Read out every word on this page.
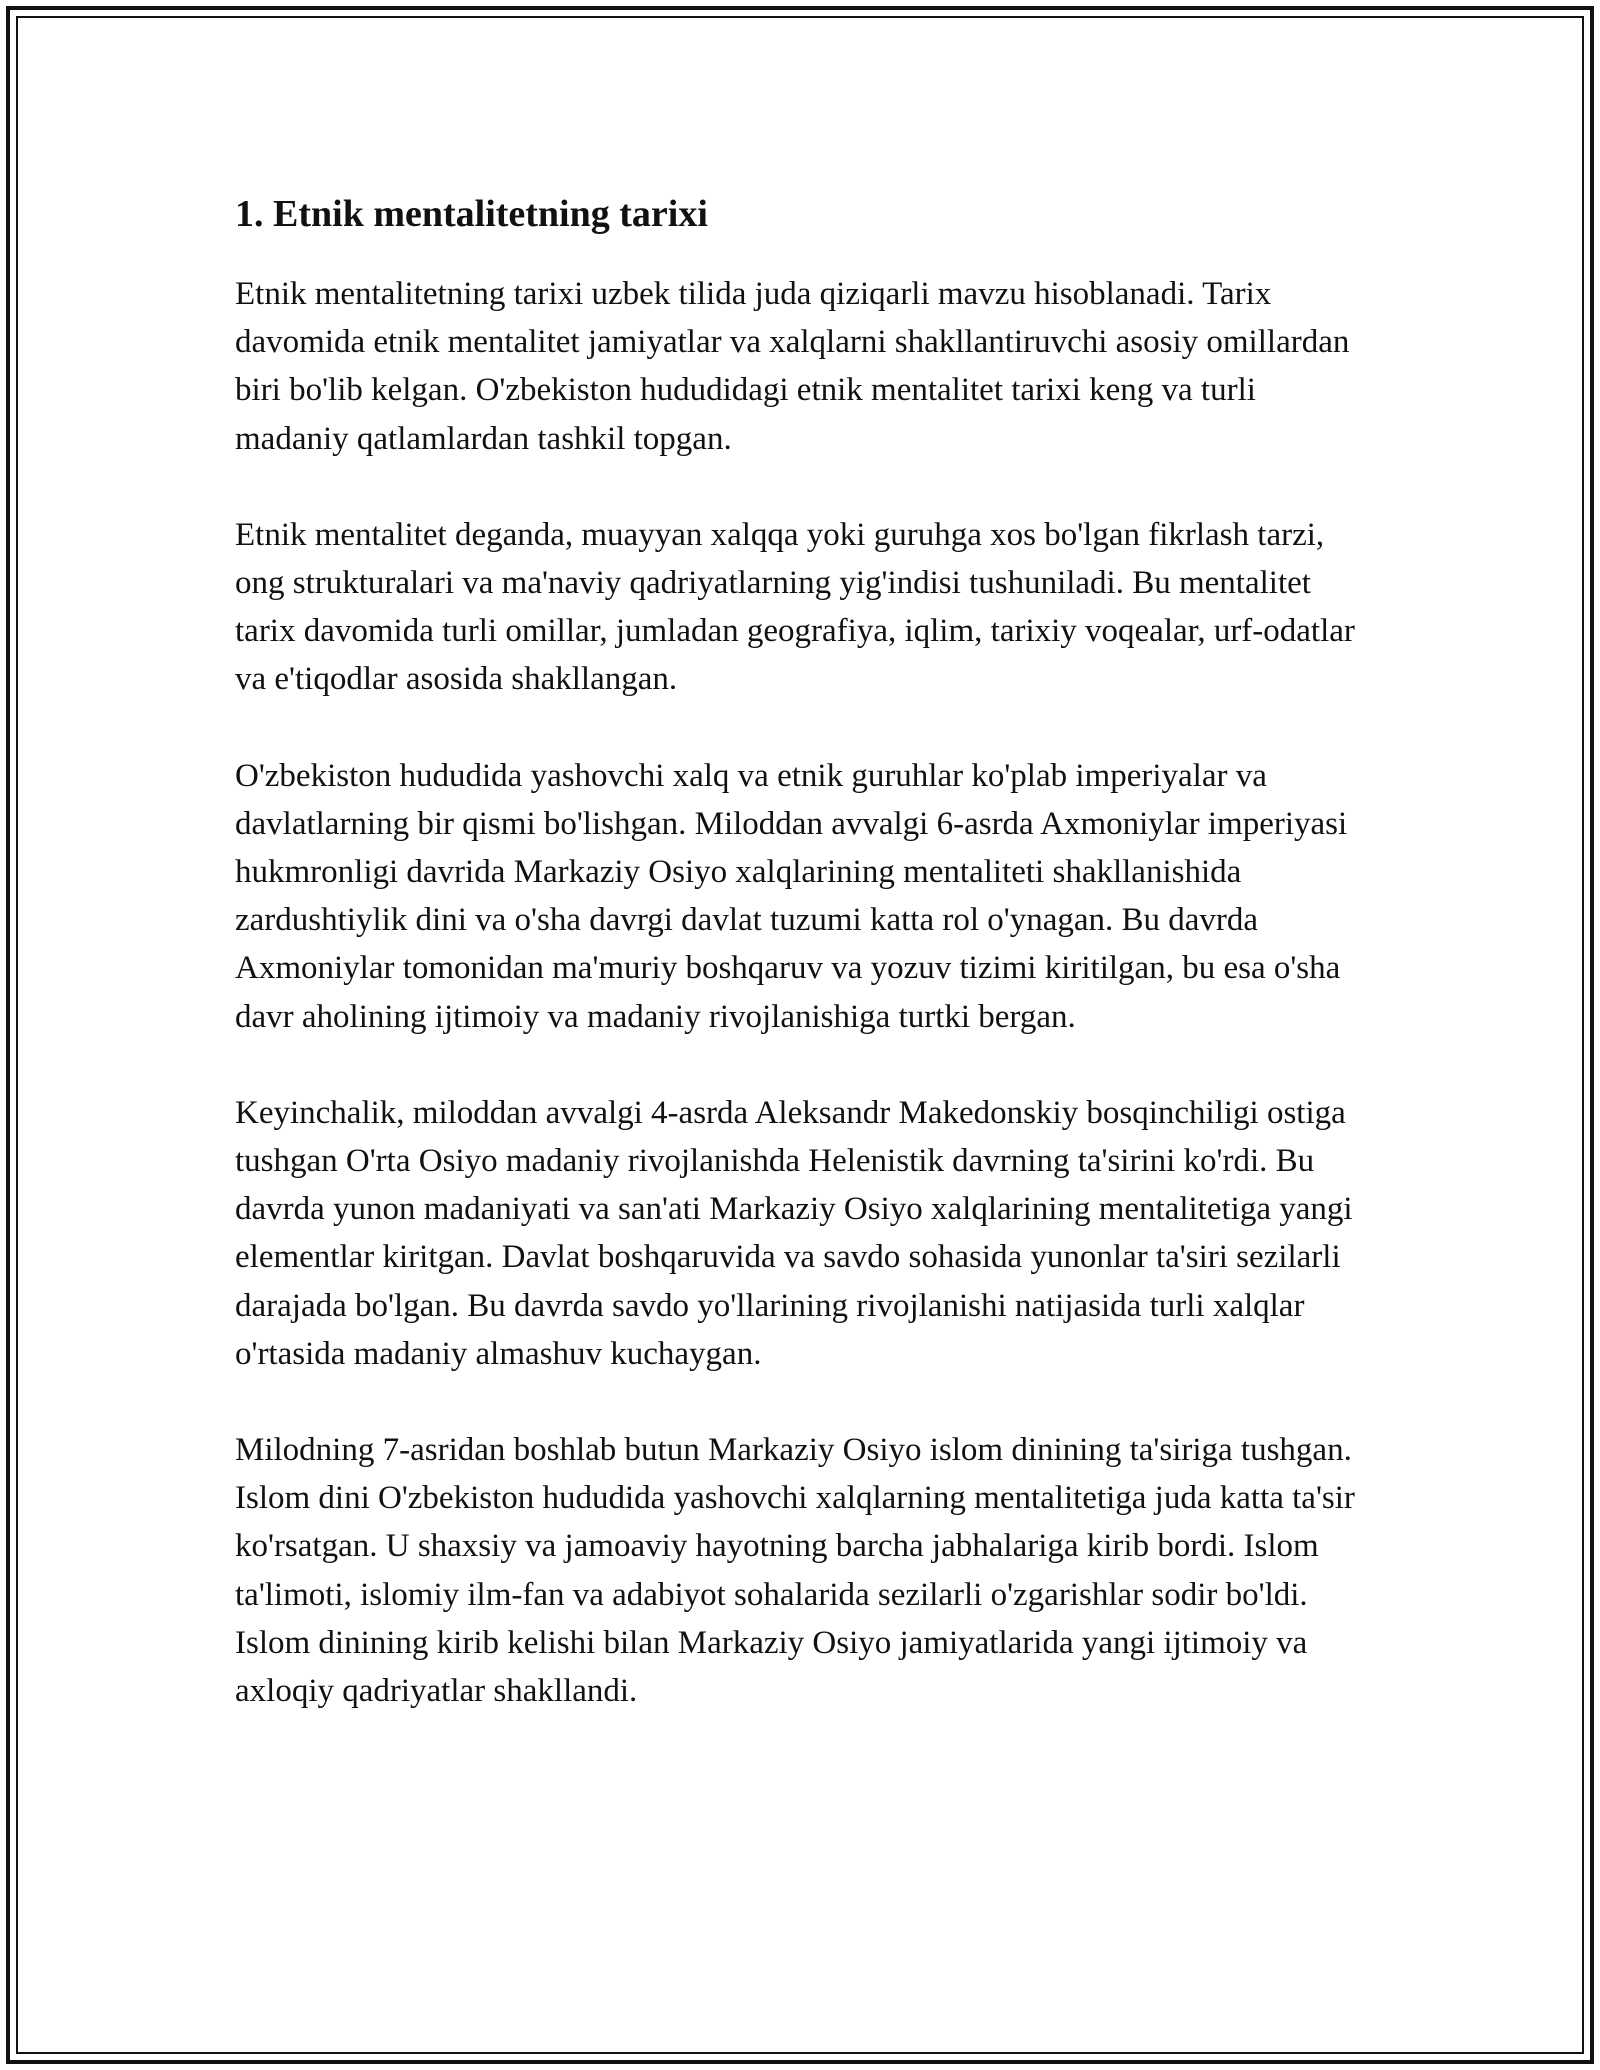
1. Etnik mentalitetning tarixi

Etnik mentalitetning tarixi uzbek tilida juda qiziqarli mavzu hisoblanadi. Tarix davomida etnik mentalitet jamiyatlar va xalqlarni shakllantiruvchi asosiy omillardan biri bo'lib kelgan. O'zbekiston hududidagi etnik mentalitet tarixi keng va turli madaniy qatlamlardan tashkil topgan.

Etnik mentalitet deganda, muayyan xalqqa yoki guruhga xos bo'lgan fikrlash tarzi, ong strukturalari va ma'naviy qadriyatlarning yig'indisi tushuniladi. Bu mentalitet tarix davomida turli omillar, jumladan geografiya, iqlim, tarixiy voqealar, urf-odatlar va e'tiqodlar asosida shakllangan.

O'zbekiston hududida yashovchi xalq va etnik guruhlar ko'plab imperiyalar va davlatlarning bir qismi bo'lishgan. Miloddan avvalgi 6-asrda Axmoniylar imperiyasi hukmronligi davrida Markaziy Osiyo xalqlarining mentaliteti shakllanishida zardushtiylik dini va o'sha davrgi davlat tuzumi katta rol o'ynagan. Bu davrda Axmoniylar tomonidan ma'muriy boshqaruv va yozuv tizimi kiritilgan, bu esa o'sha davr aholining ijtimoiy va madaniy rivojlanishiga turtki bergan.

Keyinchalik, miloddan avvalgi 4-asrda Aleksandr Makedonskiy bosqinchiligi ostiga tushgan O'rta Osiyo madaniy rivojlanishda Helenistik davrning ta'sirini ko'rdi. Bu davrda yunon madaniyati va san'ati Markaziy Osiyo xalqlarining mentalitetiga yangi elementlar kiritgan. Davlat boshqaruvida va savdo sohasida yunonlar ta'siri sezilarli darajada bo'lgan. Bu davrda savdo yo'llarining rivojlanishi natijasida turli xalqlar o'rtasida madaniy almashuv kuchaygan.

Milodning 7-asridan boshlab butun Markaziy Osiyo islom dinining ta'siriga tushgan. Islom dini O'zbekiston hududida yashovchi xalqlarning mentalitetiga juda katta ta'sir ko'rsatgan. U shaxsiy va jamoaviy hayotning barcha jabhalariga kirib bordi. Islom ta'limoti, islomiy ilm-fan va adabiyot sohalarida sezilarli o'zgarishlar sodir bo'ldi. Islom dinining kirib kelishi bilan Markaziy Osiyo jamiyatlarida yangi ijtimoiy va axloqiy qadriyatlar shakllandi.
